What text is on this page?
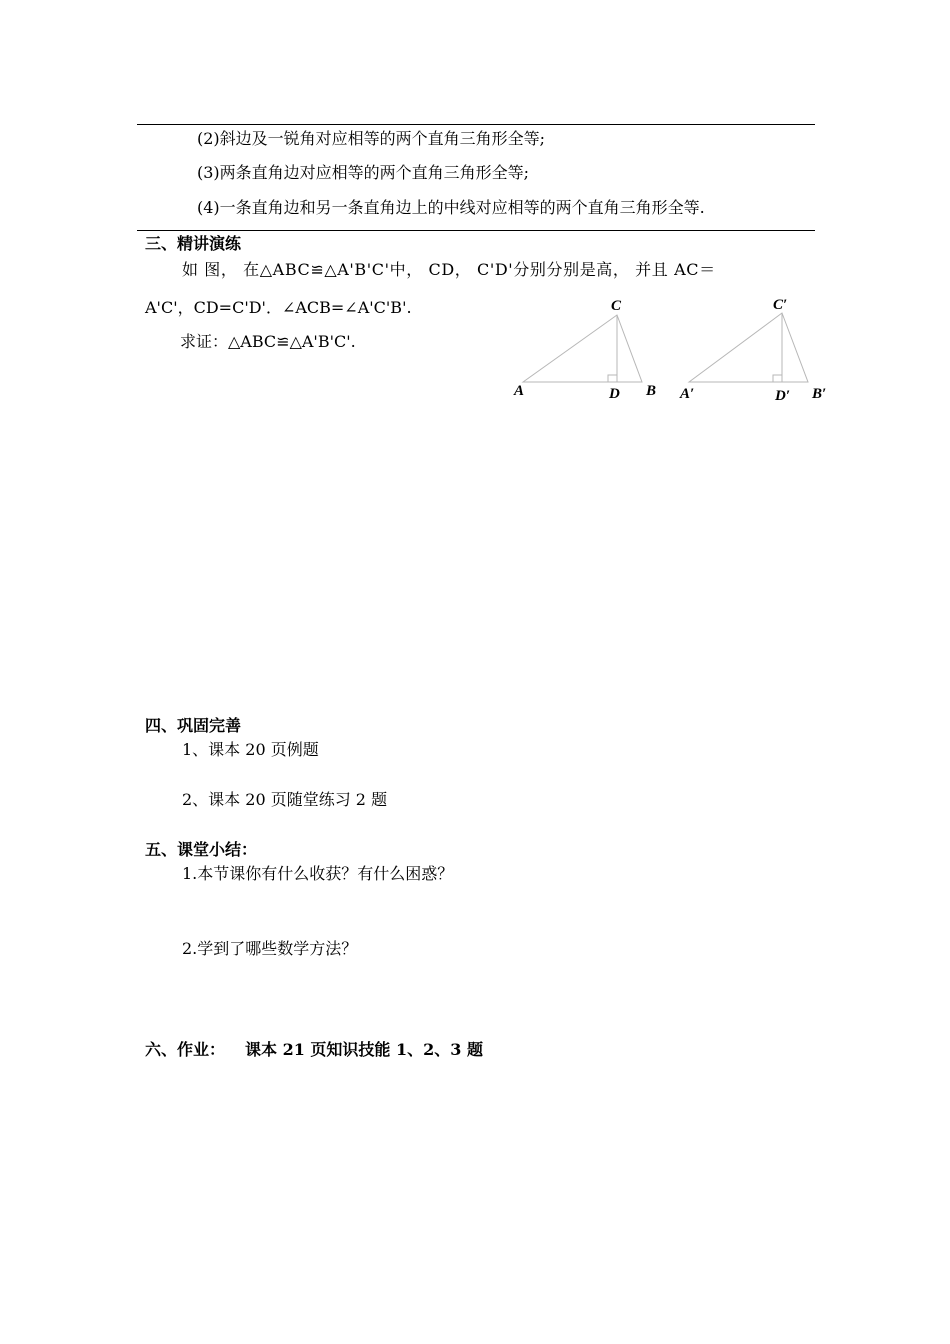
(2)斜边及一锐角对应相等的两个直角三角形全等;
(3)两条直角边对应相等的两个直角三角形全等;
(4)一条直角边和另一条直角边上的中线对应相等的两个直角三角形全等.
三、精讲演练
如 图， 在△ABC≌△A'B'C'中， CD， C'D'分别分别是高， 并且 AC＝
A'C'，CD=C'D'．∠ACB=∠A'C'B'.
求证：△ABC≌△A'B'C'.
C
A	D B
C′
A′	D′ B′
四、巩固完善
1、课本 20 页例题
2、课本 20 页随堂练习 2 题
五、课堂小结：
1.本节课你有什么收获？有什么困惑？
2.学到了哪些数学方法？
六、作业： 课本 21 页知识技能 1、2、3 题
